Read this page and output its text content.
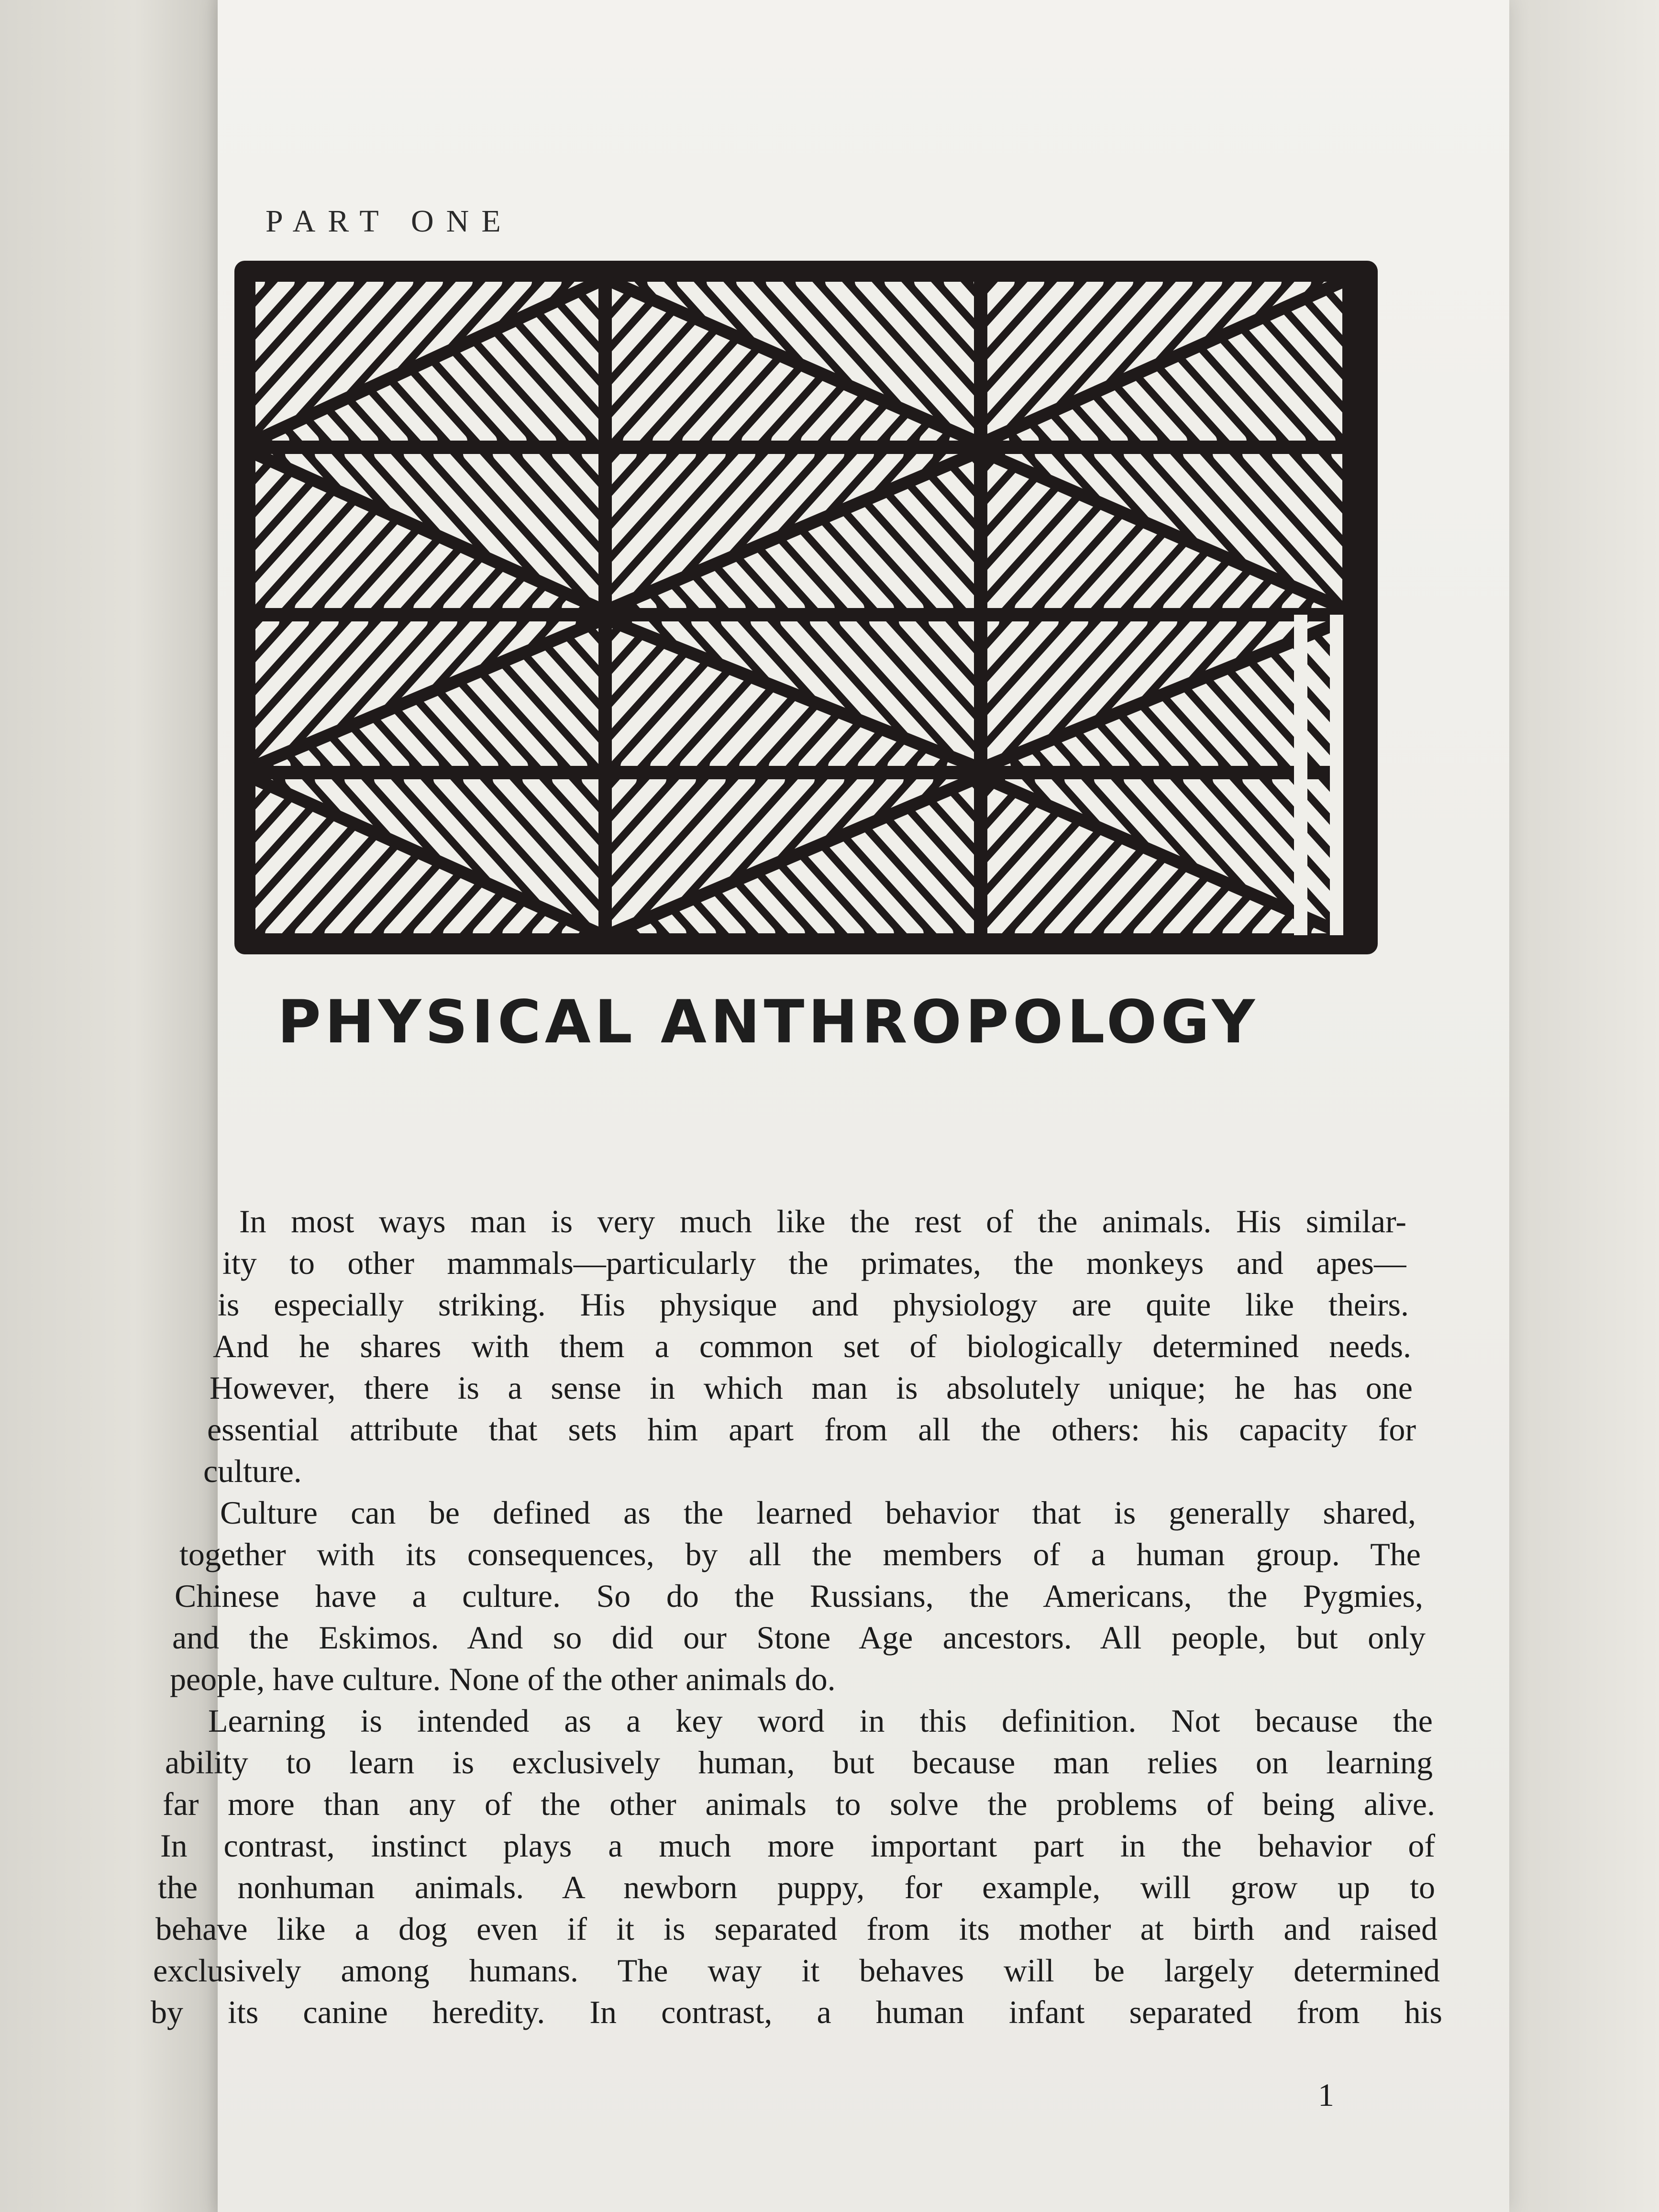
PART ONE
PHYSICAL ANTHROPOLOGY
In most ways man is very much like the rest of the animals. His similar-
ity to other mammals—particularly the primates, the monkeys and apes—
is especially striking. His physique and physiology are quite like theirs.
And he shares with them a common set of biologically determined needs.
However, there is a sense in which man is absolutely unique; he has one
essential attribute that sets him apart from all the others: his capacity for
culture.
Culture can be defined as the learned behavior that is generally shared,
together with its consequences, by all the members of a human group. The
Chinese have a culture. So do the Russians, the Americans, the Pygmies,
and the Eskimos. And so did our Stone Age ancestors. All people, but only
people, have culture. None of the other animals do.
Learning is intended as a key word in this definition. Not because the
ability to learn is exclusively human, but because man relies on learning
far more than any of the other animals to solve the problems of being alive.
In contrast, instinct plays a much more important part in the behavior of
the nonhuman animals. A newborn puppy, for example, will grow up to
behave like a dog even if it is separated from its mother at birth and raised
exclusively among humans. The way it behaves will be largely determined
by its canine heredity. In contrast, a human infant separated from his
1
